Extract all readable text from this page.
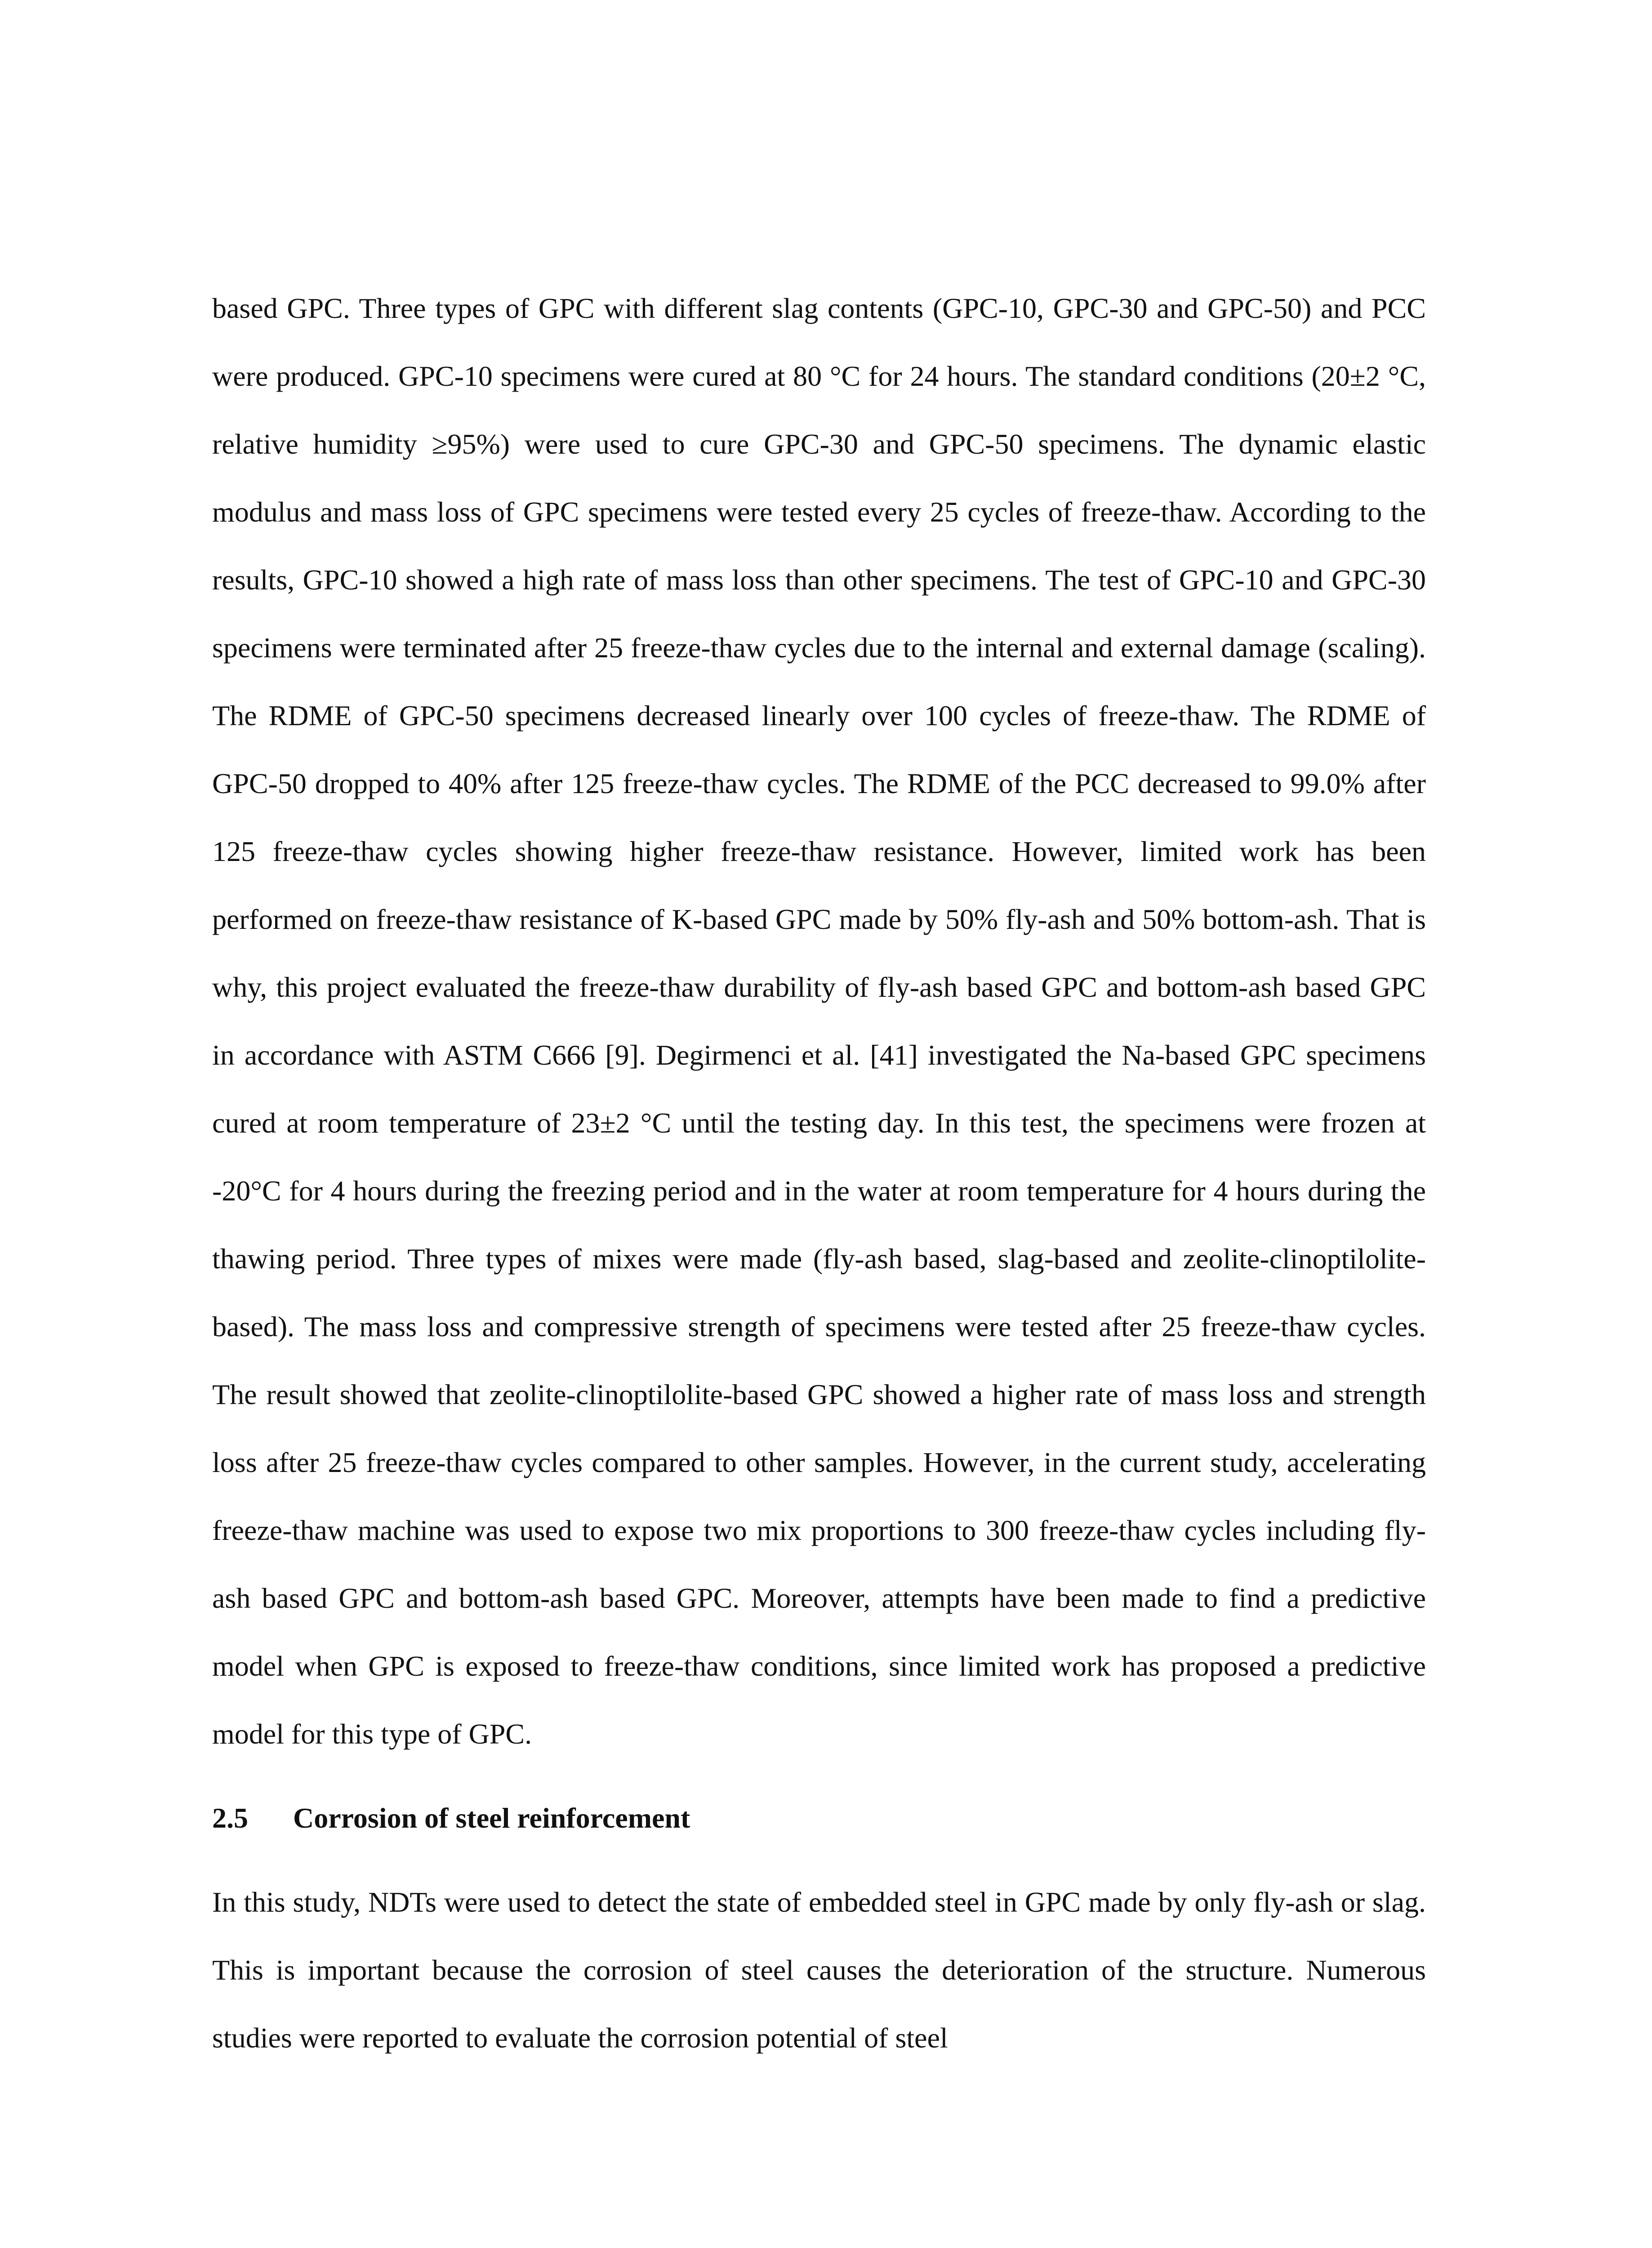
based GPC. Three types of GPC with different slag contents (GPC-10, GPC-30 and GPC-50) and PCC were produced. GPC-10 specimens were cured at 80 °C for 24 hours. The standard conditions (20±2 °C, relative humidity ≥95%) were used to cure GPC-30 and GPC-50 specimens. The dynamic elastic modulus and mass loss of GPC specimens were tested every 25 cycles of freeze-thaw. According to the results, GPC-10 showed a high rate of mass loss than other specimens. The test of GPC-10 and GPC-30 specimens were terminated after 25 freeze-thaw cycles due to the internal and external damage (scaling). The RDME of GPC-50 specimens decreased linearly over 100 cycles of freeze-thaw. The RDME of GPC-50 dropped to 40% after 125 freeze-thaw cycles. The RDME of the PCC decreased to 99.0% after 125 freeze-thaw cycles showing higher freeze-thaw resistance. However, limited work has been performed on freeze-thaw resistance of K-based GPC made by 50% fly-ash and 50% bottom-ash. That is why, this project evaluated the freeze-thaw durability of fly-ash based GPC and bottom-ash based GPC in accordance with ASTM C666 [9]. Degirmenci et al. [41] investigated the Na-based GPC specimens cured at room temperature of 23±2 °C until the testing day. In this test, the specimens were frozen at -20°C for 4 hours during the freezing period and in the water at room temperature for 4 hours during the thawing period. Three types of mixes were made (fly-ash based, slag-based and zeolite-clinoptilolite-based). The mass loss and compressive strength of specimens were tested after 25 freeze-thaw cycles. The result showed that zeolite-clinoptilolite-based GPC showed a higher rate of mass loss and strength loss after 25 freeze-thaw cycles compared to other samples. However, in the current study, accelerating freeze-thaw machine was used to expose two mix proportions to 300 freeze-thaw cycles including fly-ash based GPC and bottom-ash based GPC. Moreover, attempts have been made to find a predictive model when GPC is exposed to freeze-thaw conditions, since limited work has proposed a predictive model for this type of GPC.

2.5 Corrosion of steel reinforcement

In this study, NDTs were used to detect the state of embedded steel in GPC made by only fly-ash or slag. This is important because the corrosion of steel causes the deterioration of the structure. Numerous studies were reported to evaluate the corrosion potential of steel
